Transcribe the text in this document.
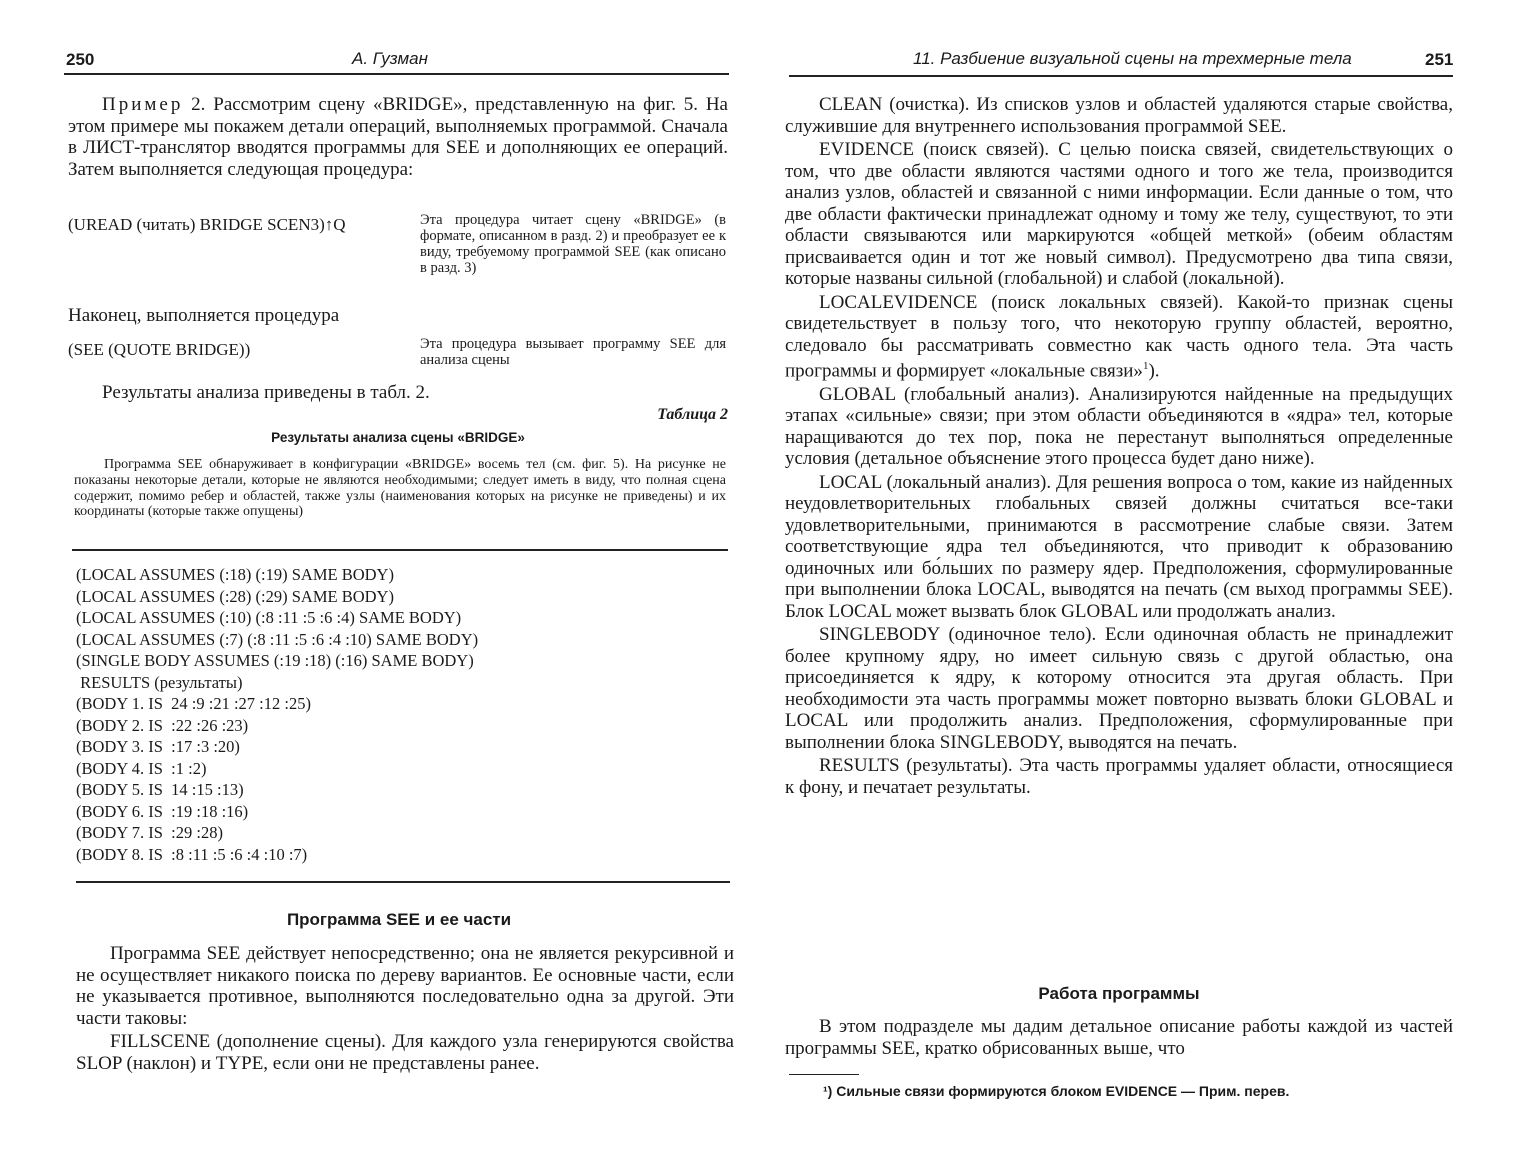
250	А. Гузман

Пример 2. Рассмотрим сцену «BRIDGE», представленную на фиг. 5. На этом примере мы покажем детали операций, выполняемых программой. Сначала в ЛИСТ-транслятор вводятся программы для SEE и дополняющих ее операций. Затем выполняется следующая процедура:

(UREAD (читать) BRIDGE SCEN3)↑Q	Эта процедура читает сцену «BRIDGE» (в формате, описанном в разд. 2) и преобразует ее к виду, требуемому программой SEE (как описано в разд. 3)
Наконец, выполняется процедура
(SEE (QUOTE BRIDGE))	Эта процедура вызывает программу SEE для анализа сцены
Результаты анализа приведены в табл. 2.
Таблица 2
Результаты анализа сцены «BRIDGE»
Программа SEE обнаруживает в конфигурации «BRIDGE» восемь тел (см. фиг. 5). На рисунке не показаны некоторые детали, которые не являются необходимыми; следует иметь в виду, что полная сцена содержит, помимо ребер и областей, также узлы (наименования которых на рисунке не приведены) и их координаты (которые также опущены)
(LOCAL ASSUMES (:18) (:19) SAME BODY)
(LOCAL ASSUMES (:28) (:29) SAME BODY)
(LOCAL ASSUMES (:10) (:8 :11 :5 :6 :4) SAME BODY)
(LOCAL ASSUMES (:7) (:8 :11 :5 :6 :4 :10) SAME BODY)
(SINGLE BODY ASSUMES (:19 :18) (:16) SAME BODY)
RESULTS (результаты)
(BODY 1. IS  24 :9 :21 :27 :12 :25)
(BODY 2. IS  :22 :26 :23)
(BODY 3. IS  :17 :3 :20)
(BODY 4. IS  :1 :2)
(BODY 5. IS  14 :15 :13)
(BODY 6. IS  :19 :18 :16)
(BODY 7. IS  :29 :28)
(BODY 8. IS  :8 :11 :5 :6 :4 :10 :7)
Программа SEE и ее части

Программа SEE действует непосредственно; она не является рекурсивной и не осуществляет никакого поиска по дереву вариантов. Ее основные части, если не указывается противное, выполняются последовательно одна за другой. Эти части таковы:

FILLSCENE (дополнение сцены). Для каждого узла генерируются свойства SLOP (наклон) и TYPE, если они не представлены ранее.

11. Разбиение визуальной сцены на трехмерные тела	251

CLEAN (очистка). Из списков узлов и областей удаляются старые свойства, служившие для внутреннего использования программой SEE.

EVIDENCE (поиск связей). С целью поиска связей, свидетельствующих о том, что две области являются частями одного и того же тела, производится анализ узлов, областей и связанной с ними информации. Если данные о том, что две области фактически принадлежат одному и тому же телу, существуют, то эти области связываются или маркируются «общей меткой» (обеим областям присваивается один и тот же новый символ). Предусмотрено два типа связи, которые названы сильной (глобальной) и слабой (локальной).

LOCALEVIDENCE (поиск локальных связей). Какой-то признак сцены свидетельствует в пользу того, что некоторую группу областей, вероятно, следовало бы рассматривать совместно как часть одного тела. Эта часть программы и формирует «локальные связи»$^1$).

GLOBAL (глобальный анализ). Анализируются найденные на предыдущих этапах «сильные» связи; при этом области объединяются в «ядра» тел, которые наращиваются до тех пор, пока не перестанут выполняться определенные условия (детальное объяснение этого процесса будет дано ниже).

LOCAL (локальный анализ). Для решения вопроса о том, какие из найденных неудовлетворительных глобальных связей должны считаться все-таки удовлетворительными, принимаются в рассмотрение слабые связи. Затем соответствующие ядра тел объединяются, что приводит к образованию одиночных или бо́льших по размеру ядер. Предположения, сформулированные при выполнении блока LOCAL, выводятся на печать (см выход программы SEE). Блок LOCAL может вызвать блок GLOBAL или продолжать анализ.

SINGLEBODY (одиночное тело). Если одиночная область не принадлежит более крупному ядру, но имеет сильную связь с другой областью, она присоединяется к ядру, к которому относится эта другая область. При необходимости эта часть программы может повторно вызвать блоки GLOBAL и LOCAL или продолжить анализ. Предположения, сформулированные при выполнении блока SINGLEBODY, выводятся на печать.

RESULTS (результаты). Эта часть программы удаляет области, относящиеся к фону, и печатает результаты.

Работа программы

В этом подразделе мы дадим детальное описание работы каждой из частей программы SEE, кратко обрисованных выше, что

¹) Сильные связи формируются блоком EVIDENCE — Прим. перев.
